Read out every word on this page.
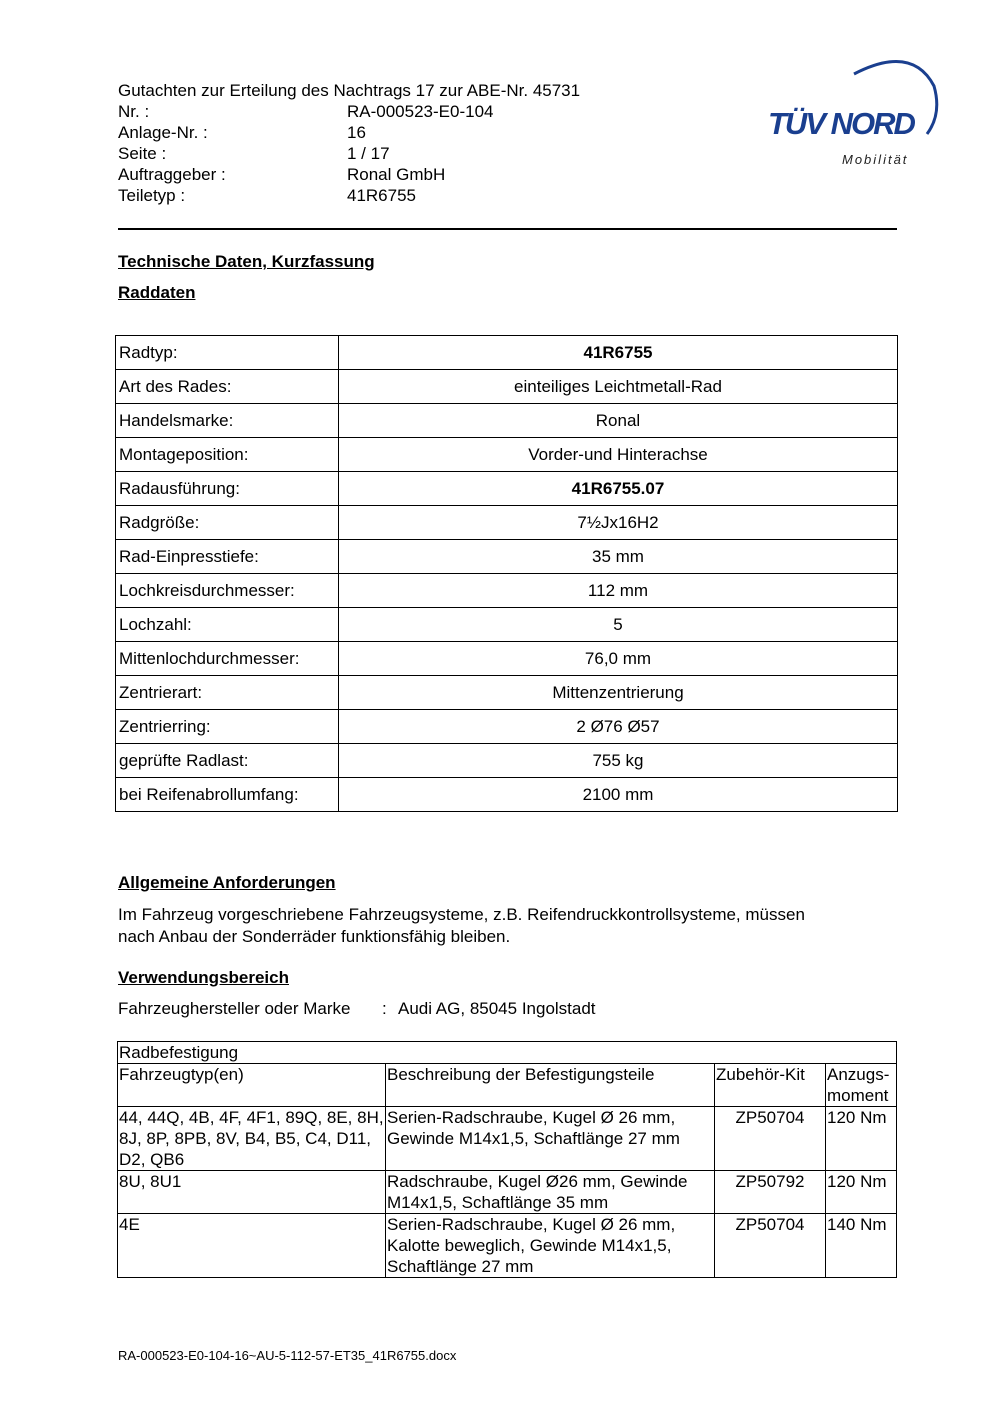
Gutachten zur Erteilung des Nachtrags 17 zur ABE-Nr. 45731
Nr. :	RA-000523-E0-104
Anlage-Nr. :	16
Seite :	1 / 17
Auftraggeber :	Ronal GmbH
Teiletyp :	41R6755
TÜV NORD
Mobilität
Technische Daten, Kurzfassung
Raddaten
Radtyp:	41R6755
Art des Rades:	einteiliges Leichtmetall-Rad
Handelsmarke:	Ronal
Montageposition:	Vorder-und Hinterachse
Radausführung:	41R6755.07
Radgröße:	7½Jx16H2
Rad-Einpresstiefe:	35 mm
Lochkreisdurchmesser:	112 mm
Lochzahl:	5
Mittenlochdurchmesser:	76,0 mm
Zentrierart:	Mittenzentrierung
Zentrierring:	2 Ø76 Ø57
geprüfte Radlast:	755 kg
bei Reifenabrollumfang:	2100 mm
Allgemeine Anforderungen
Im Fahrzeug vorgeschriebene Fahrzeugsysteme, z.B. Reifendruckkontrollsysteme, müssen
nach Anbau der Sonderräder funktionsfähig bleiben.
Verwendungsbereich
Fahrzeughersteller oder Marke	: Audi AG, 85045 Ingolstadt
Radbefestigung			
Fahrzeugtyp(en)	Beschreibung der Befestigungsteile	Zubehör-Kit	Anzugs-moment
44, 44Q, 4B, 4F, 4F1, 89Q, 8E, 8H, 8J, 8P, 8PB, 8V, B4, B5, C4, D11, D2, QB6	Serien-Radschraube, Kugel Ø 26 mm, Gewinde M14x1,5, Schaftlänge 27 mm	ZP50704	120 Nm
8U, 8U1	Radschraube, Kugel Ø26 mm, Gewinde M14x1,5, Schaftlänge 35 mm	ZP50792	120 Nm
4E	Serien-Radschraube, Kugel Ø 26 mm, Kalotte beweglich, Gewinde M14x1,5, Schaftlänge 27 mm	ZP50704	140 Nm
RA-000523-E0-104-16~AU-5-112-57-ET35_41R6755.docx
